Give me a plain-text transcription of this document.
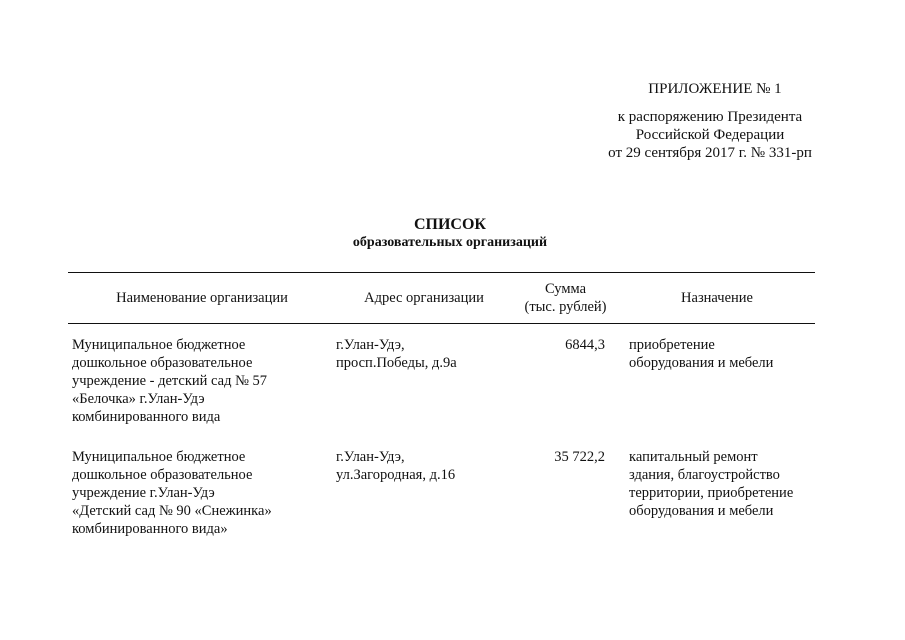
ПРИЛОЖЕНИЕ № 1
к распоряжению Президента
Российской Федерации
от 29 сентября 2017 г. № 331-рп
СПИСОК
образовательных организаций
Наименование организации	Адрес организации
Сумма
(тыс. рублей)
Назначение
Муниципальное бюджетное
дошкольное образовательное
учреждение - детский сад № 57
«Белочка» г.Улан-Удэ
комбинированного вида
г.Улан-Удэ,
просп.Победы, д.9а
6844,3 приобретение
оборудования и мебели
Муниципальное бюджетное
дошкольное образовательное
учреждение г.Улан-Удэ
«Детский сад № 90 «Снежинка»
комбинированного вида»
г.Улан-Удэ,
ул.Загородная, д.16
35 722,2 капитальный ремонт
здания, благоустройство
территории, приобретение
оборудования и мебели
